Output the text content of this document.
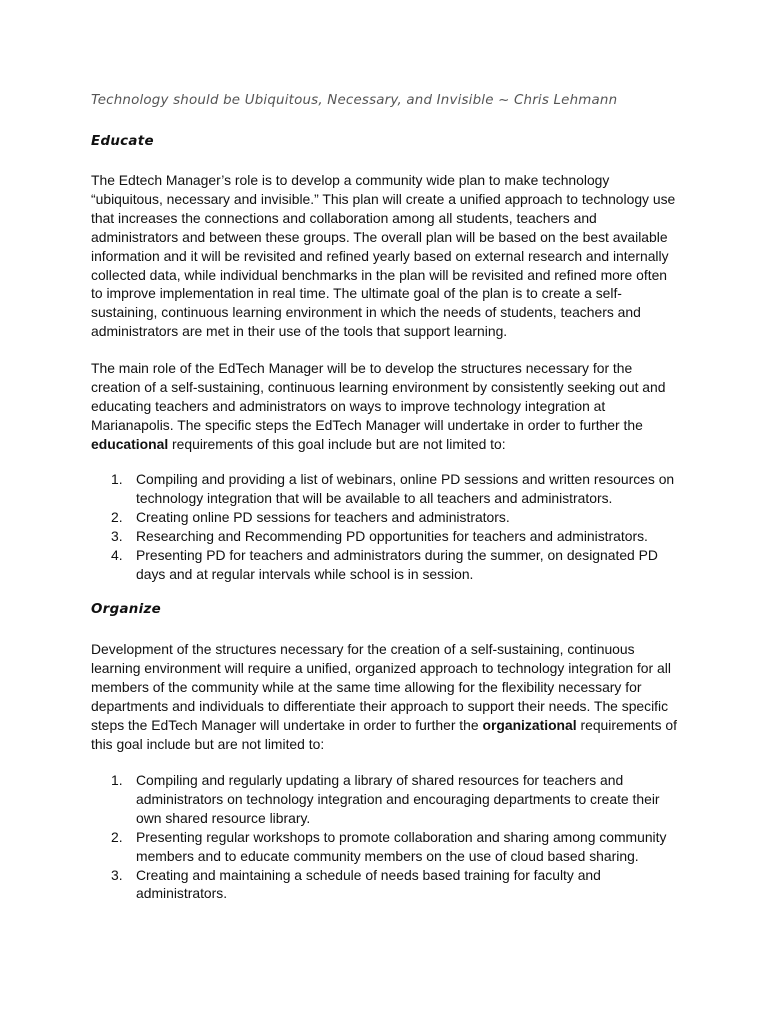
Technology should be Ubiquitous, Necessary, and Invisible ~ Chris Lehmann
Educate
The Edtech Manager’s role is to develop a community wide plan to make technology
“ubiquitous, necessary and invisible.” This plan will create a unified approach to technology use
that increases the connections and collaboration among all students, teachers and
administrators and between these groups. The overall plan will be based on the best available
information and it will be revisited and refined yearly based on external research and internally
collected data, while individual benchmarks in the plan will be revisited and refined more often
to improve implementation in real time. The ultimate goal of the plan is to create a self-
sustaining, continuous learning environment in which the needs of students, teachers and
administrators are met in their use of the tools that support learning.
The main role of the EdTech Manager will be to develop the structures necessary for the
creation of a self-sustaining, continuous learning environment by consistently seeking out and
educating teachers and administrators on ways to improve technology integration at
Marianapolis. The specific steps the EdTech Manager will undertake in order to further the
educational requirements of this goal include but are not limited to:
1. Compiling and providing a list of webinars, online PD sessions and written resources on
technology integration that will be available to all teachers and administrators.
2. Creating online PD sessions for teachers and administrators.
3. Researching and Recommending PD opportunities for teachers and administrators.
4. Presenting PD for teachers and administrators during the summer, on designated PD
days and at regular intervals while school is in session.
Organize
Development of the structures necessary for the creation of a self-sustaining, continuous
learning environment will require a unified, organized approach to technology integration for all
members of the community while at the same time allowing for the flexibility necessary for
departments and individuals to differentiate their approach to support their needs. The specific
steps the EdTech Manager will undertake in order to further the organizational requirements of
this goal include but are not limited to:
1. Compiling and regularly updating a library of shared resources for teachers and
administrators on technology integration and encouraging departments to create their
own shared resource library.
2. Presenting regular workshops to promote collaboration and sharing among community
members and to educate community members on the use of cloud based sharing.
3. Creating and maintaining a schedule of needs based training for faculty and
administrators.
